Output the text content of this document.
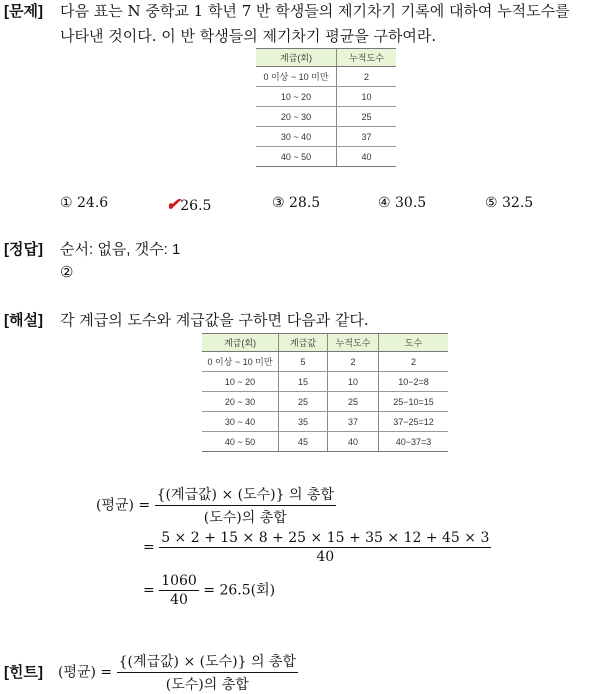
[문제] 다음 표는 N 중학교 1 학년 7 반 학생들의 제기차기 기록에 대하여 누적도수를
나타낸 것이다. 이 반 학생들의 제기차기 평균을 구하여라.
계급(회)	누적도수
0 이상 ~ 10 미만	2
10 ~ 20	10
20 ~ 30	25
30 ~ 40	37
40 ~ 50	40
① 24.6	✔26.5	③ 28.5	④ 30.5	⑤ 32.5
[정답] 순서: 없음, 갯수: 1
②
[해설] 각 계급의 도수와 계급값을 구하면 다음과 같다.
계급(회)	계급값	누적도수	도수
0 이상 ~ 10 미만	5	2	2
10 ~ 20	15	10	10−2=8
20 ~ 30	25	25	25−10=15
30 ~ 40	35	37	37−25=12
40 ~ 50	45	40	40−37=3
(평균) = $\frac{\text{\{(계급값) × (도수)\} 의 총합}}{\text{(도수)의 총합}}$
= $\frac{5 \times 2 + 15 \times 8 + 25 \times 15 + 35 \times 12 + 45 \times 3}{40}$
= $\frac{1060}{40} = 26.5$(회)
[힌트] (평균) = $\frac{\text{\{(계급값) × (도수)\} 의 총합}}{\text{(도수)의 총합}}$
